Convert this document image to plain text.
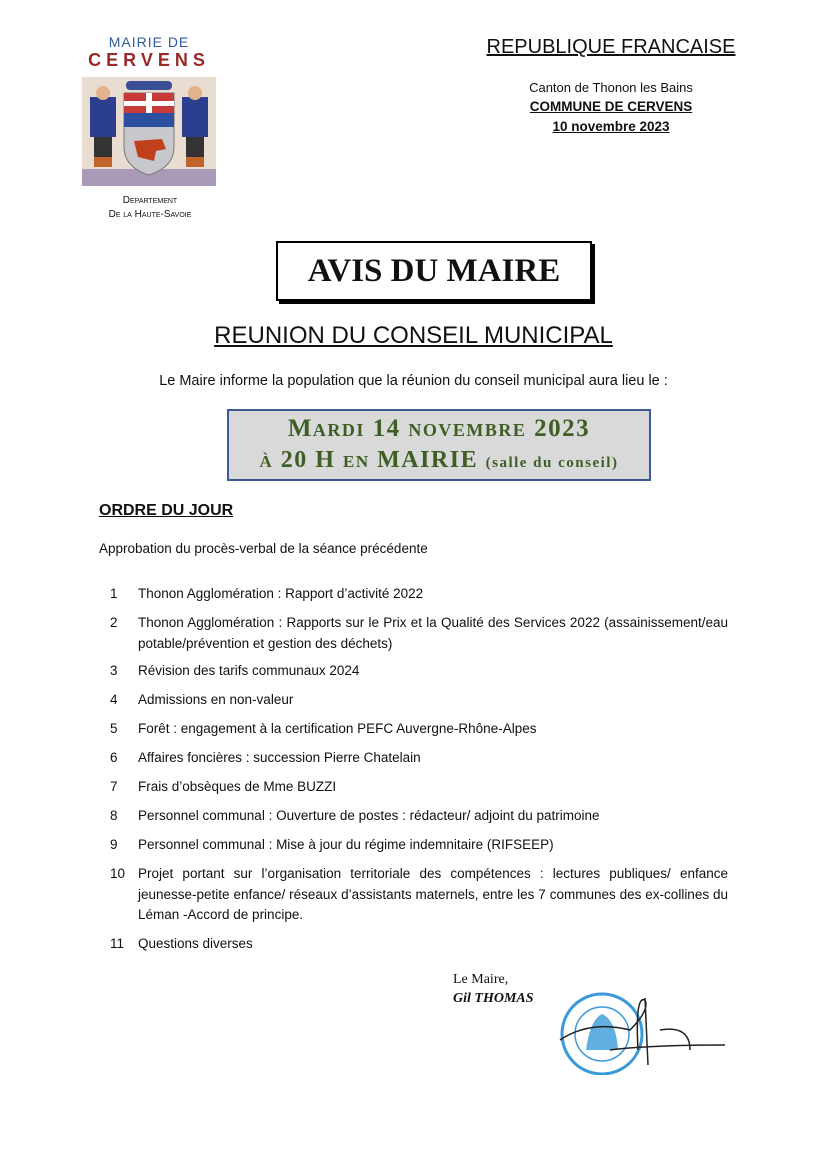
MAIRIE DE
CERVENS
Departement
De la Haute-Savoie
REPUBLIQUE FRANCAISE
Canton de Thonon les Bains
COMMUNE DE CERVENS
10 novembre 2023
AVIS DU MAIRE
REUNION DU CONSEIL MUNICIPAL
Le Maire informe la population que la réunion du conseil municipal aura lieu le :
Mardi 14 novembre 2023
à 20 H en MAIRIE (salle du conseil)
ORDRE DU JOUR
Approbation du procès-verbal de la séance précédente
1	Thonon Agglomération : Rapport d’activité 2022
2	Thonon Agglomération : Rapports sur le Prix et la Qualité des Services 2022 (assainissement/eau potable/prévention et gestion des déchets)
3	Révision des tarifs communaux 2024
4	Admissions en non-valeur
5	Forêt : engagement à la certification PEFC Auvergne-Rhône-Alpes
6	Affaires foncières : succession Pierre Chatelain
7	Frais d’obsèques de Mme BUZZI
8	Personnel communal : Ouverture de postes : rédacteur/ adjoint du patrimoine
9	Personnel communal : Mise à jour du régime indemnitaire (RIFSEEP)
10 Projet portant sur l’organisation territoriale des compétences : lectures publiques/ enfance jeunesse-petite enfance/ réseaux d’assistants maternels, entre les 7 communes des ex-collines du Léman -Accord de principe.
11	Questions diverses
Le Maire,
Gil THOMAS
